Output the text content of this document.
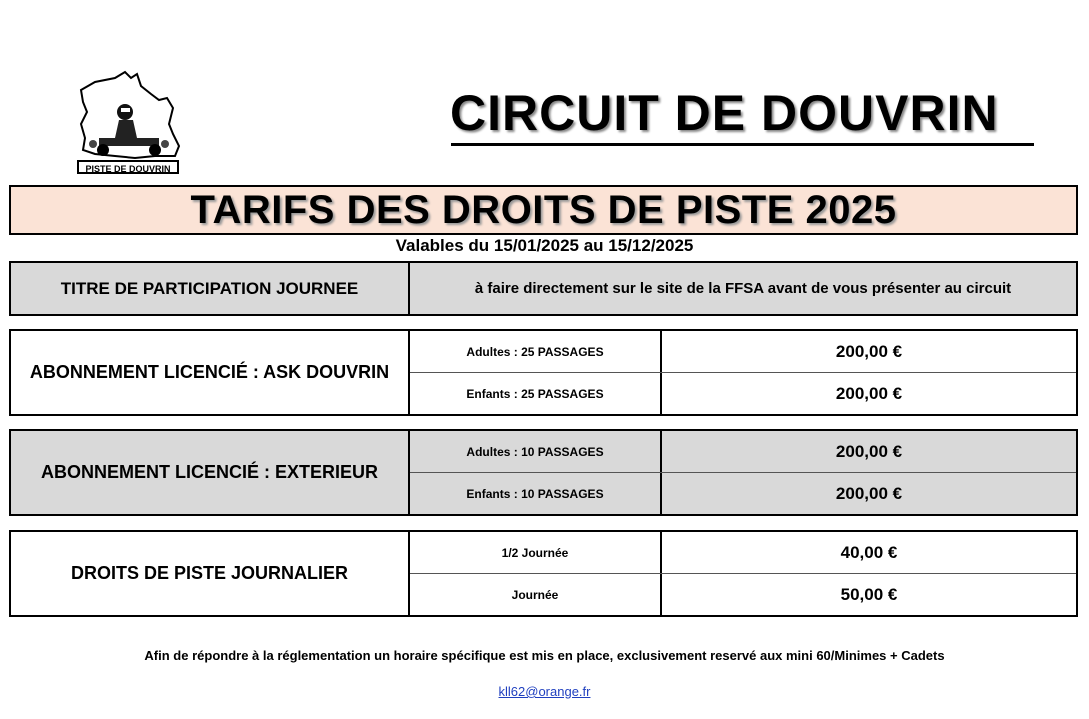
PISTE DE DOUVRIN
CIRCUIT DE DOUVRIN
TARIFS DES DROITS DE PISTE 2025
Valables du 15/01/2025 au 15/12/2025
TITRE DE PARTICIPATION JOURNEE	à faire directement sur le site de la FFSA avant de vous présenter au circuit
ABONNEMENT LICENCIÉ : ASK DOUVRIN
Adultes : 25 PASSAGES	200,00 €
Enfants : 25 PASSAGES	200,00 €
ABONNEMENT LICENCIÉ : EXTERIEUR
Adultes : 10 PASSAGES	200,00 €
Enfants : 10 PASSAGES	200,00 €
DROITS DE PISTE JOURNALIER
1/2 Journée	40,00 €
Journée	50,00 €
Afin de répondre à la réglementation un horaire spécifique est mis en place, exclusivement reservé aux mini 60/Minimes + Cadets
kll62@orange.fr
